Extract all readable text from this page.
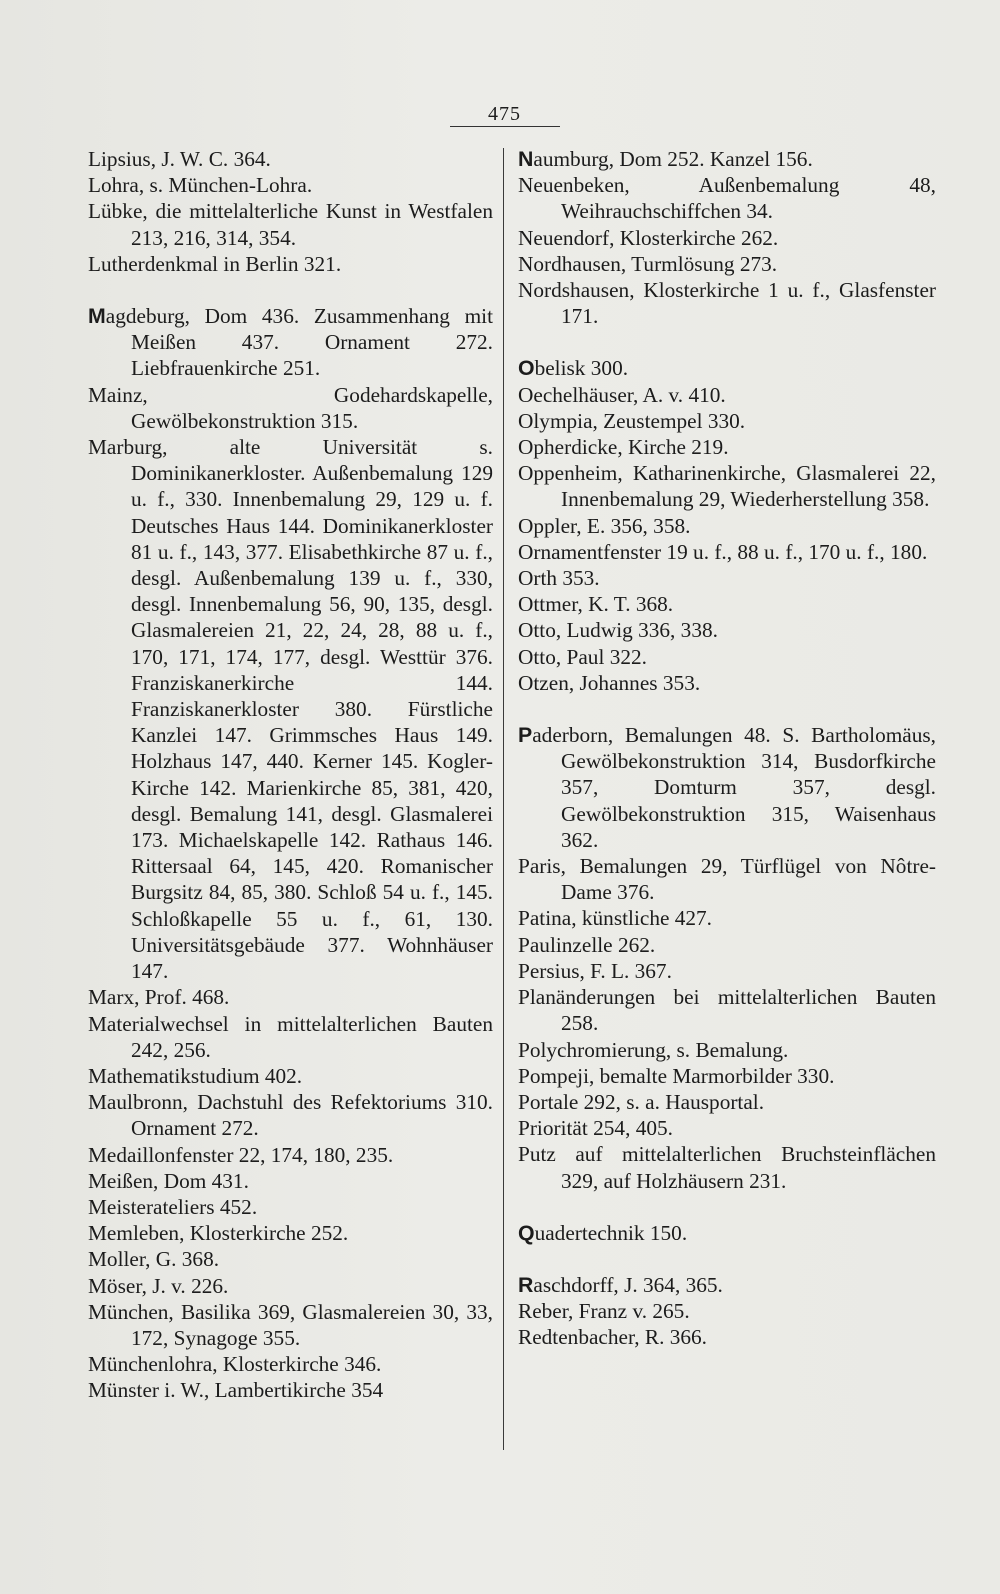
475

Lipsius, J. W. C. 364.

Lohra, s. München-Lohra.

Lübke, die mittelalterliche Kunst in Westfalen 213, 216, 314, 354.

Lutherdenkmal in Berlin 321.

Magdeburg, Dom 436. Zusammenhang mit Meißen 437. Ornament 272. Liebfrauenkirche 251.

Mainz, Godehardskapelle, Gewölbekonstruktion 315.

Marburg, alte Universität s. Dominikanerkloster. Außenbemalung 129 u. f., 330. Innenbemalung 29, 129 u. f. Deutsches Haus 144. Dominikanerkloster 81 u. f., 143, 377. Elisabethkirche 87 u. f., desgl. Außenbemalung 139 u. f., 330, desgl. Innenbemalung 56, 90, 135, desgl. Glasmalereien 21, 22, 24, 28, 88 u. f., 170, 171, 174, 177, desgl. Westtür 376. Franziskanerkirche 144. Franziskanerkloster 380. Fürstliche Kanzlei 147. Grimmsches Haus 149. Holzhaus 147, 440. Kerner 145. Kogler-Kirche 142. Marienkirche 85, 381, 420, desgl. Bemalung 141, desgl. Glasmalerei 173. Michaelskapelle 142. Rathaus 146. Rittersaal 64, 145, 420. Romanischer Burgsitz 84, 85, 380. Schloß 54 u. f., 145. Schloßkapelle 55 u. f., 61, 130. Universitätsgebäude 377. Wohnhäuser 147.

Marx, Prof. 468.

Materialwechsel in mittelalterlichen Bauten 242, 256.

Mathematikstudium 402.

Maulbronn, Dachstuhl des Refektoriums 310. Ornament 272.

Medaillonfenster 22, 174, 180, 235.

Meißen, Dom 431.

Meisterateliers 452.

Memleben, Klosterkirche 252.

Moller, G. 368.

Möser, J. v. 226.

München, Basilika 369, Glasmalereien 30, 33, 172, Synagoge 355.

Münchenlohra, Klosterkirche 346.

Münster i. W., Lambertikirche 354

Naumburg, Dom 252. Kanzel 156.

Neuenbeken, Außenbemalung 48, Weihrauchschiffchen 34.

Neuendorf, Klosterkirche 262.

Nordhausen, Turmlösung 273.

Nordshausen, Klosterkirche 1 u. f., Glasfenster 171.

Obelisk 300.

Oechelhäuser, A. v. 410.

Olympia, Zeustempel 330.

Opherdicke, Kirche 219.

Oppenheim, Katharinenkirche, Glasmalerei 22, Innenbemalung 29, Wiederherstellung 358.

Oppler, E. 356, 358.

Ornamentfenster 19 u. f., 88 u. f., 170 u. f., 180.

Orth 353.

Ottmer, K. T. 368.

Otto, Ludwig 336, 338.

Otto, Paul 322.

Otzen, Johannes 353.

Paderborn, Bemalungen 48. S. Bartholomäus, Gewölbekonstruktion 314, Busdorfkirche 357, Domturm 357, desgl. Gewölbekonstruktion 315, Waisenhaus 362.

Paris, Bemalungen 29, Türflügel von Nôtre-Dame 376.

Patina, künstliche 427.

Paulinzelle 262.

Persius, F. L. 367.

Planänderungen bei mittelalterlichen Bauten 258.

Polychromierung, s. Bemalung.

Pompeji, bemalte Marmorbilder 330.

Portale 292, s. a. Hausportal.

Priorität 254, 405.

Putz auf mittelalterlichen Bruchsteinflächen 329, auf Holzhäusern 231.

Quadertechnik 150.

Raschdorff, J. 364, 365.

Reber, Franz v. 265.

Redtenbacher, R. 366.
